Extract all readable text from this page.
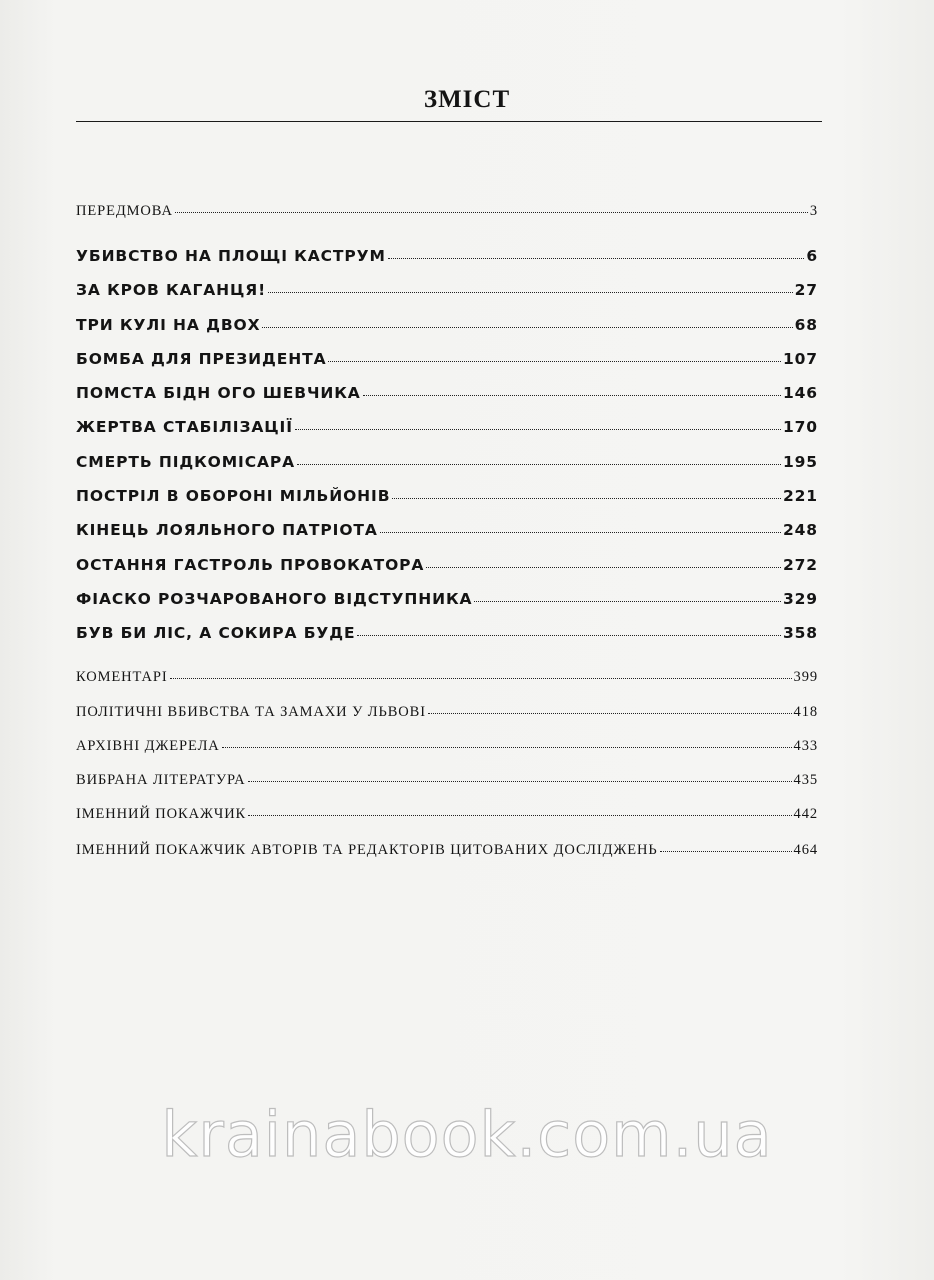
ЗМІСТ
ПЕРЕДМОВА	3
УБИВСТВО НА ПЛОЩІ КАСТРУМ	6
ЗА КРОВ КАГАНЦЯ!	27
ТРИ КУЛІ НА ДВОХ	68
БОМБА ДЛЯ ПРЕЗИДЕНТА	107
ПОМСТА БІДН ОГО ШЕВЧИКА	146
ЖЕРТВА СТАБІЛІЗАЦІЇ	170
СМЕРТЬ ПІДКОМІСАРА	195
ПОСТРІЛ В ОБОРОНІ МІЛЬЙОНІВ	221
КІНЕЦЬ ЛОЯЛЬНОГО ПАТРІОТА	248
ОСТАННЯ ГАСТРОЛЬ ПРОВОКАТОРА	272
ФІАСКО РОЗЧАРОВАНОГО ВІДСТУПНИКА	329
БУВ БИ ЛІС, А СОКИРА БУДЕ	358
КОМЕНТАРІ	399
ПОЛІТИЧНІ ВБИВСТВА ТА ЗАМАХИ У ЛЬВОВІ	418
АРХІВНІ ДЖЕРЕЛА	433
ВИБРАНА ЛІТЕРАТУРА	435
ІМЕННИЙ ПОКАЖЧИК	442
ІМЕННИЙ ПОКАЖЧИК АВТОРІВ ТА РЕДАКТОРІВ ЦИТОВАНИХ ДОСЛІДЖЕНЬ	464
krainabook.com.ua
